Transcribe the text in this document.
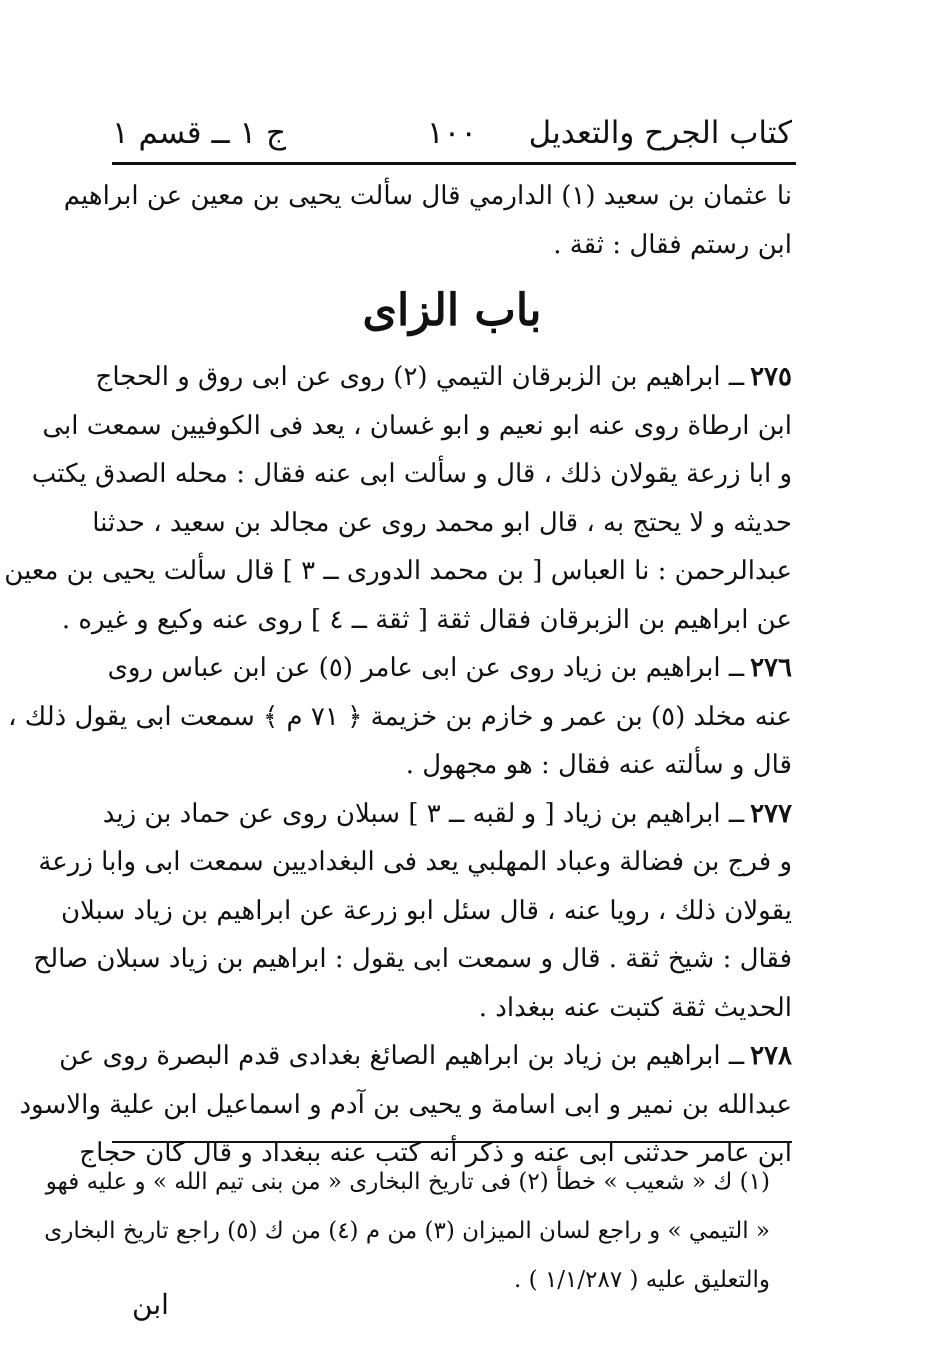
كتاب الجرح والتعديل
١٠٠
ج ١ ــ قسم ١

نا عثمان بن سعيد (١) الدارمي قال سألت يحيى بن معين عن ابراهيم
ابن رستم فقال : ثقة .

باب الزاى

٢٧٥ــ ابراهيم بن الزبرقان التيمي (٢) روى عن ابى روق و الحجاج
ابن ارطاة روى عنه ابو نعيم و ابو غسان ، يعد فى الكوفيين سمعت ابى
و ابا زرعة يقولان ذلك ، قال و سألت ابى عنه فقال : محله الصدق يكتب
حديثه و لا يحتج به ، قال ابو محمد روى عن مجالد بن سعيد ، حدثنا
عبدالرحمن : نا العباس [ بن محمد الدورى ــ ٣ ] قال سألت يحيى بن معين
عن ابراهيم بن الزبرقان فقال ثقة [ ثقة ــ ٤ ] روى عنه وكيع و غيره .

٢٧٦ــ ابراهيم بن زياد روى عن ابى عامر (٥) عن ابن عباس روى
عنه مخلد (٥) بن عمر و خازم بن خزيمة ﴿ ٧١ م ﴾ سمعت ابى يقول ذلك ،
قال و سألته عنه فقال : هو مجهول .

٢٧٧ــ ابراهيم بن زياد [ و لقبه ــ ٣ ] سبلان روى عن حماد بن زيد
و فرج بن فضالة وعباد المهلبي يعد فى البغداديين سمعت ابى وابا زرعة
يقولان ذلك ، رويا عنه ، قال سئل ابو زرعة عن ابراهيم بن زياد سبلان
فقال : شيخ ثقة . قال و سمعت ابى يقول : ابراهيم بن زياد سبلان صالح
الحديث ثقة كتبت عنه ببغداد .

٢٧٨ــ ابراهيم بن زياد بن ابراهيم الصائغ بغدادى قدم البصرة روى عن
عبدالله بن نمير و ابى اسامة و يحيى بن آدم و اسماعيل ابن علية والاسود
ابن عامر حدثنى ابى عنه و ذكر أنه كتب عنه ببغداد و قال كان حجاج

(١) ك « شعيب » خطأ (٢) فى تاريخ البخارى « من بنى تيم الله » و عليه فهو
« التيمي » و راجع لسان الميزان (٣) من م (٤) من ك (٥) راجع تاريخ البخارى
والتعليق عليه ( ١/١/٢٨٧ ) .
ابن
